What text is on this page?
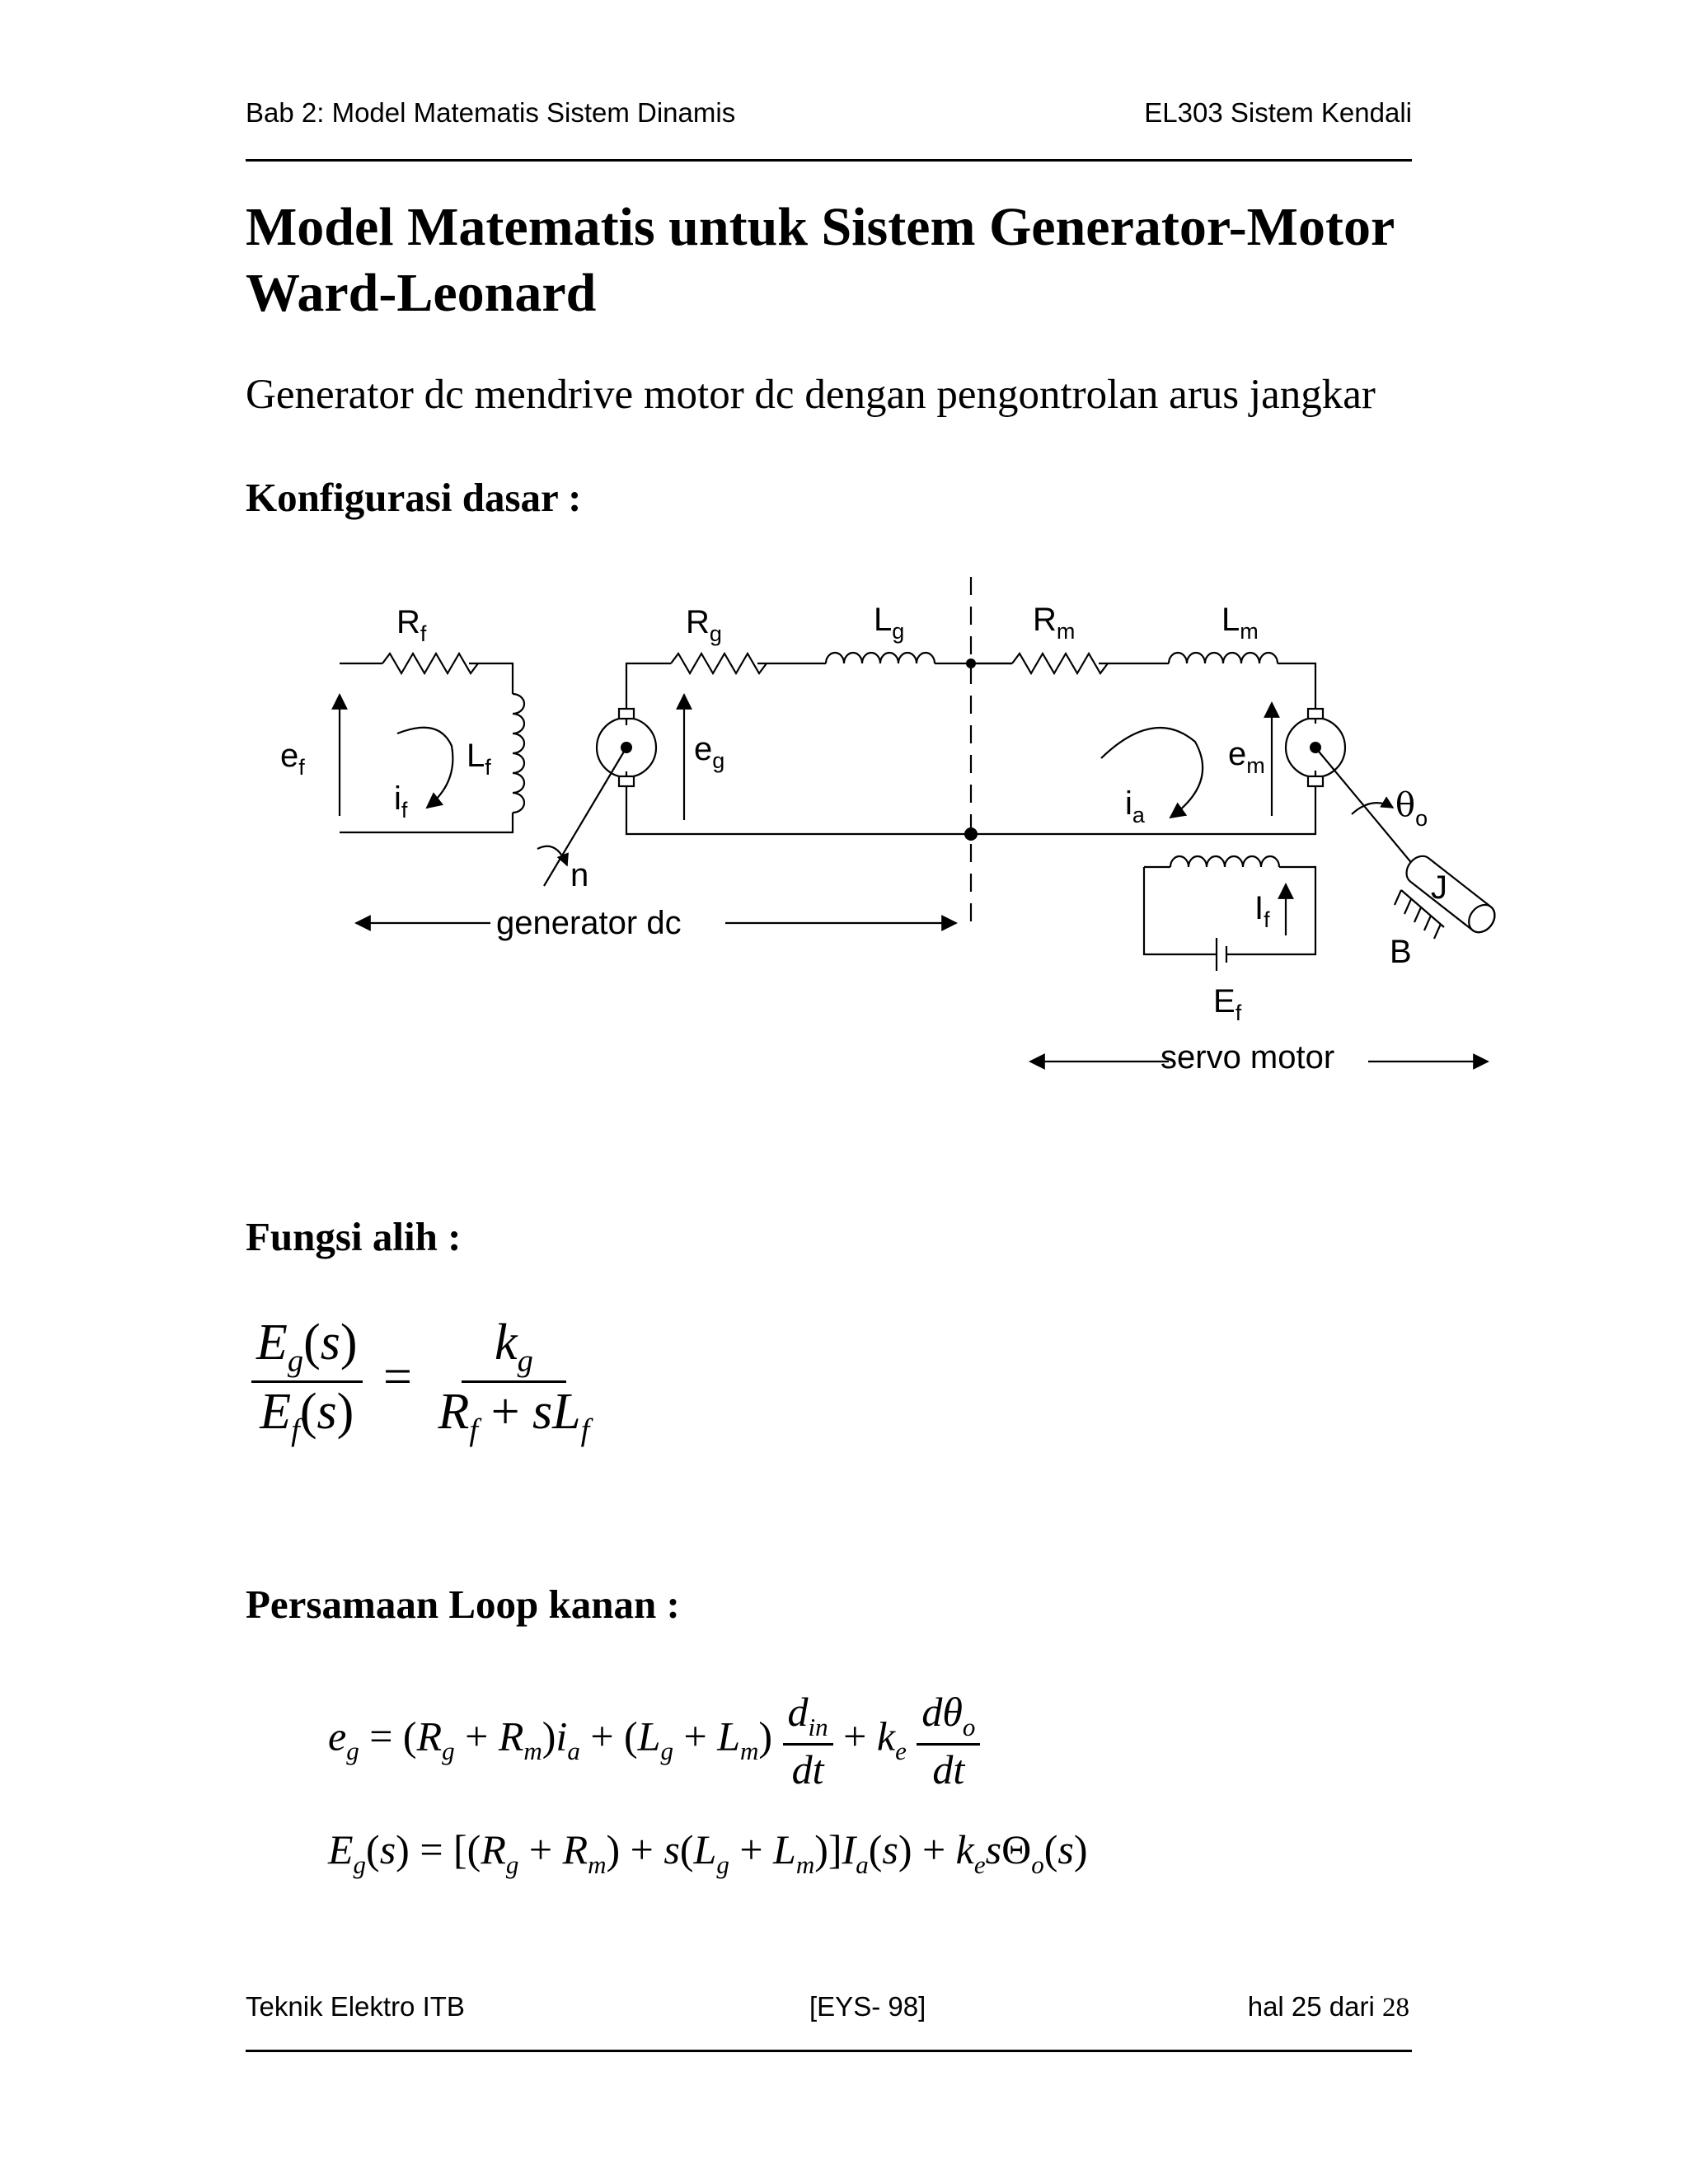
Bab 2: Model Matematis Sistem Dinamis	EL303 Sistem Kendali
Model Matematis untuk Sistem Generator-Motor Ward-Leonard
Generator dc mendrive motor dc dengan pengontrolan arus jangkar
Konfigurasi dasar :
$R_f$	$R_g$	$L_g$	$R_m$	$L_m$
$e_f$	$L_f$
$i_f$
$e_g$	$e_m$
$i_a$	$\theta_o$
n	J
B
$I_f$
$E_f$
generator dc
servo motor
Fungsi alih :
$\frac{E_g(s)}{E_f(s)} = \frac{k_g}{R_f + sL_f}$
Persamaan Loop kanan :
$e_g = (R_g + R_m)i_a + (L_g + L_m) \frac{d_{in}}{dt} + k_e \frac{d\theta_o}{dt}$
$E_g(s) = [(R_g + R_m) + s(L_g + L_m)]I_a(s) + k_es\Theta_o(s)$
Teknik Elektro ITB	[EYS- 98]	hal 25 dari 28
